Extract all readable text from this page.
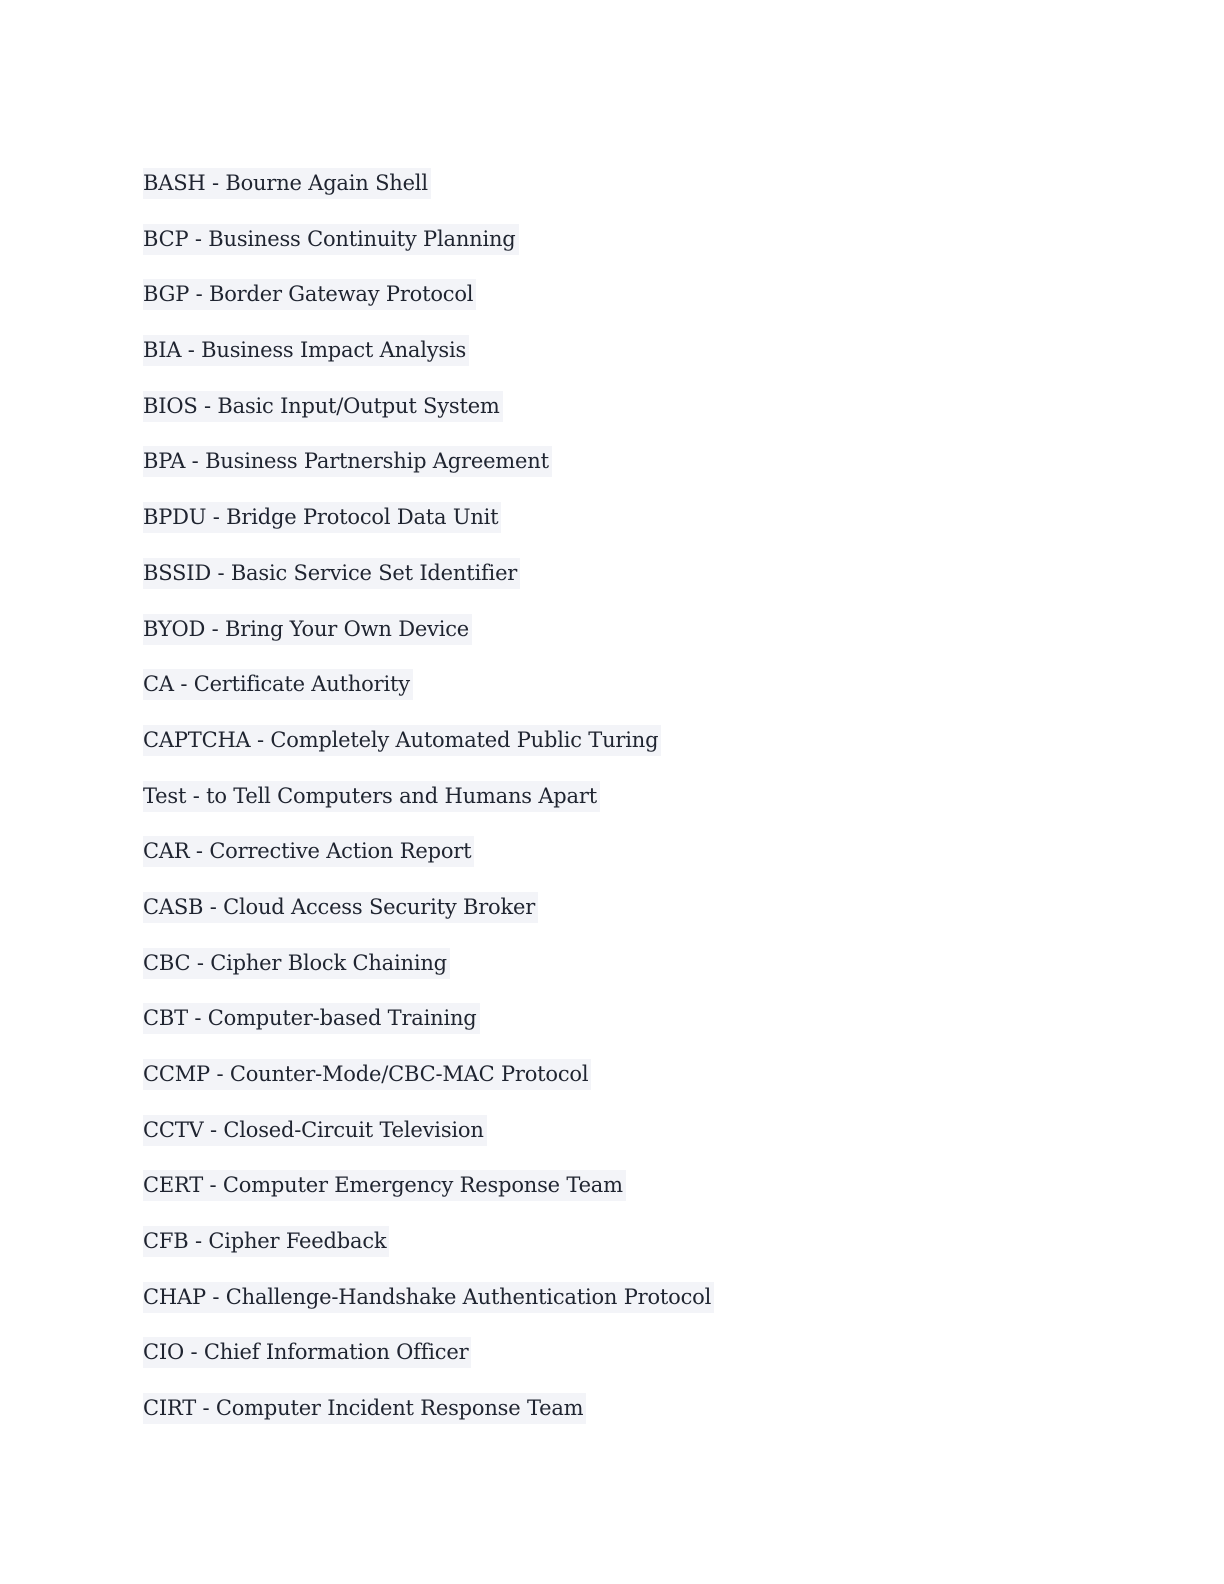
BASH - Bourne Again Shell
BCP - Business Continuity Planning
BGP - Border Gateway Protocol
BIA - Business Impact Analysis
BIOS - Basic Input/Output System
BPA - Business Partnership Agreement
BPDU - Bridge Protocol Data Unit
BSSID - Basic Service Set Identifier
BYOD - Bring Your Own Device
CA - Certificate Authority
CAPTCHA - Completely Automated Public Turing
Test - to Tell Computers and Humans Apart
CAR - Corrective Action Report
CASB - Cloud Access Security Broker
CBC - Cipher Block Chaining
CBT - Computer-based Training
CCMP - Counter-Mode/CBC-MAC Protocol
CCTV - Closed-Circuit Television
CERT - Computer Emergency Response Team
CFB - Cipher Feedback
CHAP - Challenge-Handshake Authentication Protocol
CIO - Chief Information Officer
CIRT - Computer Incident Response Team
